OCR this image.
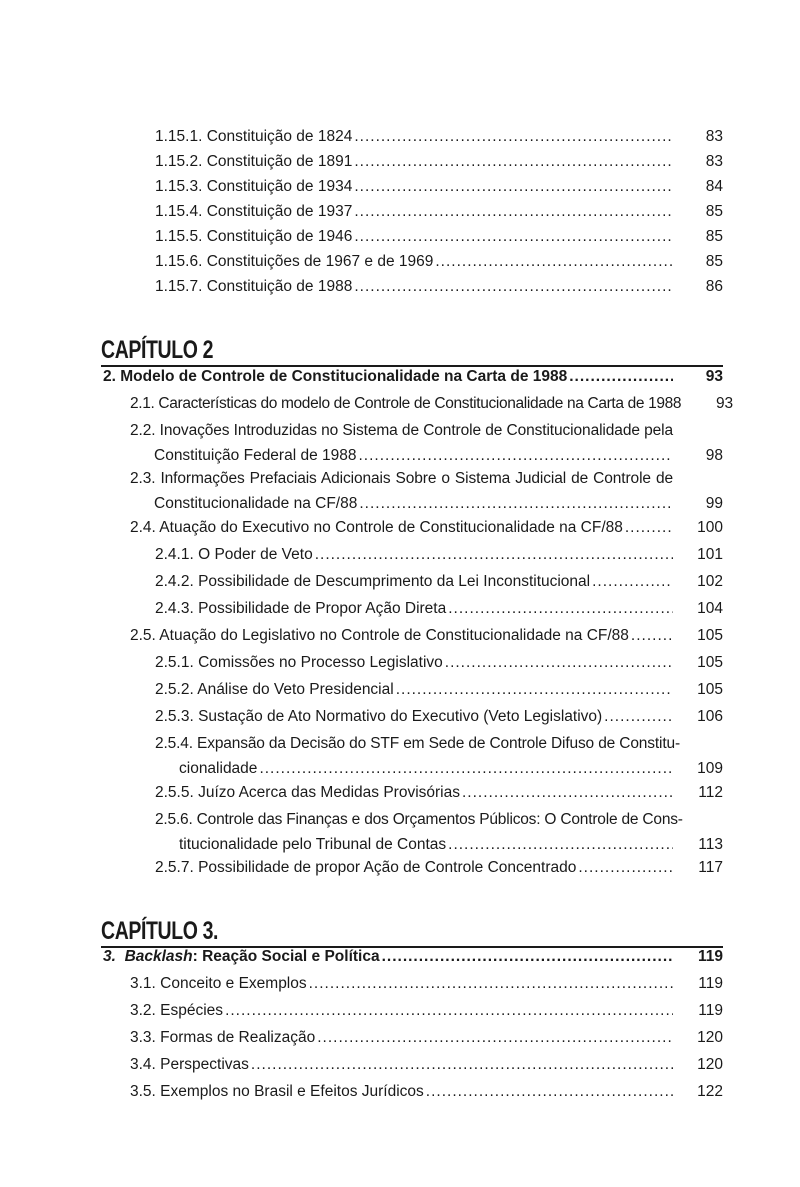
1.15.1. Constituição de 1824 .....	83
1.15.2. Constituição de 1891 .....	83
1.15.3. Constituição de 1934 .....	84
1.15.4. Constituição de 1937 .....	85
1.15.5. Constituição de 1946 .....	85
1.15.6. Constituições de 1967 e de 1969 .....	85
1.15.7. Constituição de 1988 .....	86
CAPÍTULO 2
2. Modelo de Controle de Constitucionalidade na Carta de 1988 .....	93
2.1. Características do modelo de Controle de Constitucionalidade na Carta de 1988	93
2.2. Inovações Introduzidas no Sistema de Controle de Constitucionalidade pela
Constituição Federal de 1988 .....	98
2.3. Informações Prefaciais Adicionais Sobre o Sistema Judicial de Controle de
Constitucionalidade na CF/88 .....	99
2.4. Atuação do Executivo no Controle de Constitucionalidade na CF/88 .....	100
2.4.1. O Poder de Veto .....	101
2.4.2. Possibilidade de Descumprimento da Lei Inconstitucional .....	102
2.4.3. Possibilidade de Propor Ação Direta .....	104
2.5. Atuação do Legislativo no Controle de Constitucionalidade na CF/88 .....	105
2.5.1. Comissões no Processo Legislativo .....	105
2.5.2. Análise do Veto Presidencial .....	105
2.5.3. Sustação de Ato Normativo do Executivo (Veto Legislativo) .....	106
2.5.4. Expansão da Decisão do STF em Sede de Controle Difuso de Constitu-
cionalidade .....	109
2.5.5. Juízo Acerca das Medidas Provisórias .....	112
2.5.6. Controle das Finanças e dos Orçamentos Públicos: O Controle de Cons-
titucionalidade pelo Tribunal de Contas .....	113
2.5.7. Possibilidade de propor Ação de Controle Concentrado .....	117
CAPÍTULO 3.
3. Backlash: Reação Social e Política .....	119
3.1. Conceito e Exemplos .....	119
3.2. Espécies .....	119
3.3. Formas de Realização .....	120
3.4. Perspectivas .....	120
3.5. Exemplos no Brasil e Efeitos Jurídicos .....	122
